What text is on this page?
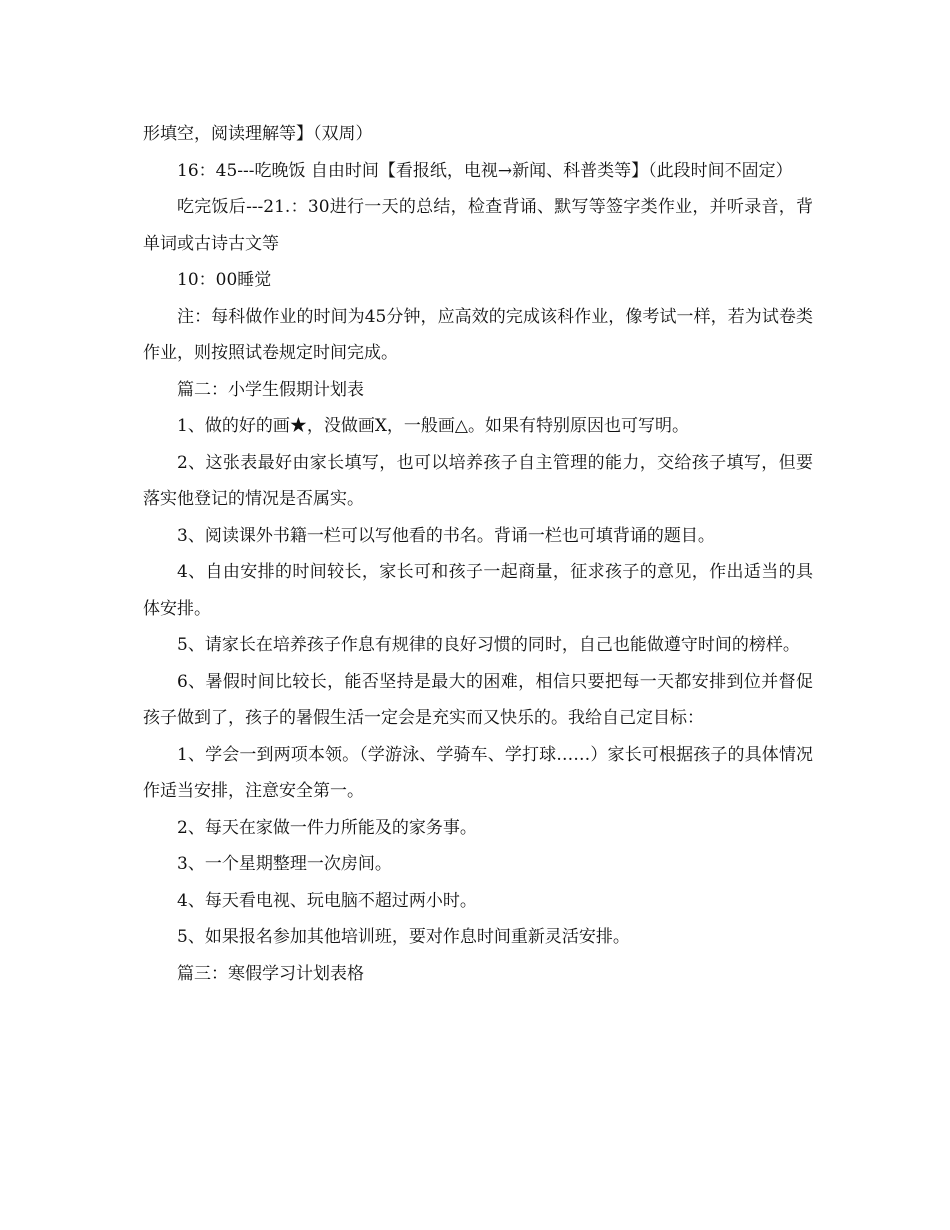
形填空，阅读理解等】（双周）

16：45---吃晚饭 自由时间【看报纸，电视→新闻、科普类等】（此段时间不固定）

吃完饭后---21.：30进行一天的总结，检查背诵、默写等签字类作业，并听录音，背单词或古诗古文等

10：00睡觉

注：每科做作业的时间为45分钟，应高效的完成该科作业，像考试一样，若为试卷类作业，则按照试卷规定时间完成。

篇二：小学生假期计划表

1、做的好的画★，没做画X，一般画△。如果有特别原因也可写明。

2、这张表最好由家长填写，也可以培养孩子自主管理的能力，交给孩子填写，但要落实他登记的情况是否属实。

3、阅读课外书籍一栏可以写他看的书名。背诵一栏也可填背诵的题目。

4、自由安排的时间较长，家长可和孩子一起商量，征求孩子的意见，作出适当的具体安排。

5、请家长在培养孩子作息有规律的良好习惯的同时，自己也能做遵守时间的榜样。

6、暑假时间比较长，能否坚持是最大的困难，相信只要把每一天都安排到位并督促孩子做到了，孩子的暑假生活一定会是充实而又快乐的。我给自己定目标：

1、学会一到两项本领。（学游泳、学骑车、学打球……）家长可根据孩子的具体情况作适当安排，注意安全第一。

2、每天在家做一件力所能及的家务事。

3、一个星期整理一次房间。

4、每天看电视、玩电脑不超过两小时。

5、如果报名参加其他培训班，要对作息时间重新灵活安排。

篇三：寒假学习计划表格
